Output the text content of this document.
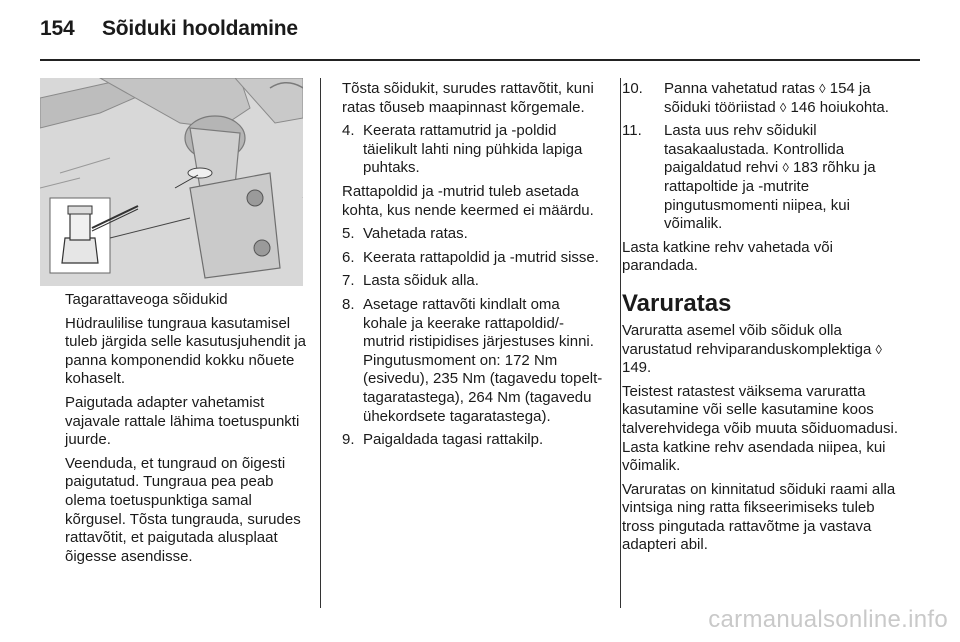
154 Sõiduki hooldamine

Tagarattaveoga sõidukid

Hüdraulilise tungraua kasutamisel tuleb järgida selle kasutusjuhendit ja panna komponendid kokku nõuete kohaselt.

Paigutada adapter vahetamist vajavale rattale lähima toetuspunkti juurde.

Veenduda, et tungraud on õigesti paigutatud. Tungraua pea peab olema toetuspunktiga samal kõrgusel. Tõsta tungrauda, surudes rattavõtit, et paigutada alusplaat õigesse asendisse.

Tõsta sõidukit, surudes rattavõtit, kuni ratas tõuseb maapinnast kõrgemale.

4. Keerata rattamutrid ja -poldid täielikult lahti ning pühkida lapiga puhtaks.

Rattapoldid ja -mutrid tuleb asetada kohta, kus nende keermed ei määrdu.

5. Vahetada ratas.
6. Keerata rattapoldid ja -mutrid sisse.
7. Lasta sõiduk alla.
8. Asetage rattavõti kindlalt oma kohale ja keerake rattapoldid/-mutrid ristipidises järjestuses kinni. Pingutusmoment on: 172 Nm (esivedu), 235 Nm (tagavedu topelt-tagaratastega), 264 Nm (tagavedu ühekordsete tagaratastega).
9. Paigaldada tagasi rattakilp.
10. Panna vahetatud ratas ◊ 154 ja sõiduki tööriistad ◊ 146 hoiukohta.
11. Lasta uus rehv sõidukil tasakaalustada. Kontrollida paigaldatud rehvi ◊ 183 rõhku ja rattapoltide ja -mutrite pingutusmomenti niipea, kui võimalik.

Lasta katkine rehv vahetada või parandada.

Varuratas

Varuratta asemel võib sõiduk olla varustatud rehviparanduskomplektiga ◊ 149.

Teistest ratastest väiksema varuratta kasutamine või selle kasutamine koos talverehvidega võib muuta sõiduomadusi. Lasta katkine rehv asendada niipea, kui võimalik.

Varuratas on kinnitatud sõiduki raami alla vintsiga ning ratta fikseerimiseks tuleb tross pingutada rattavõtme ja vastava adapteri abil.

carmanualsonline.info
